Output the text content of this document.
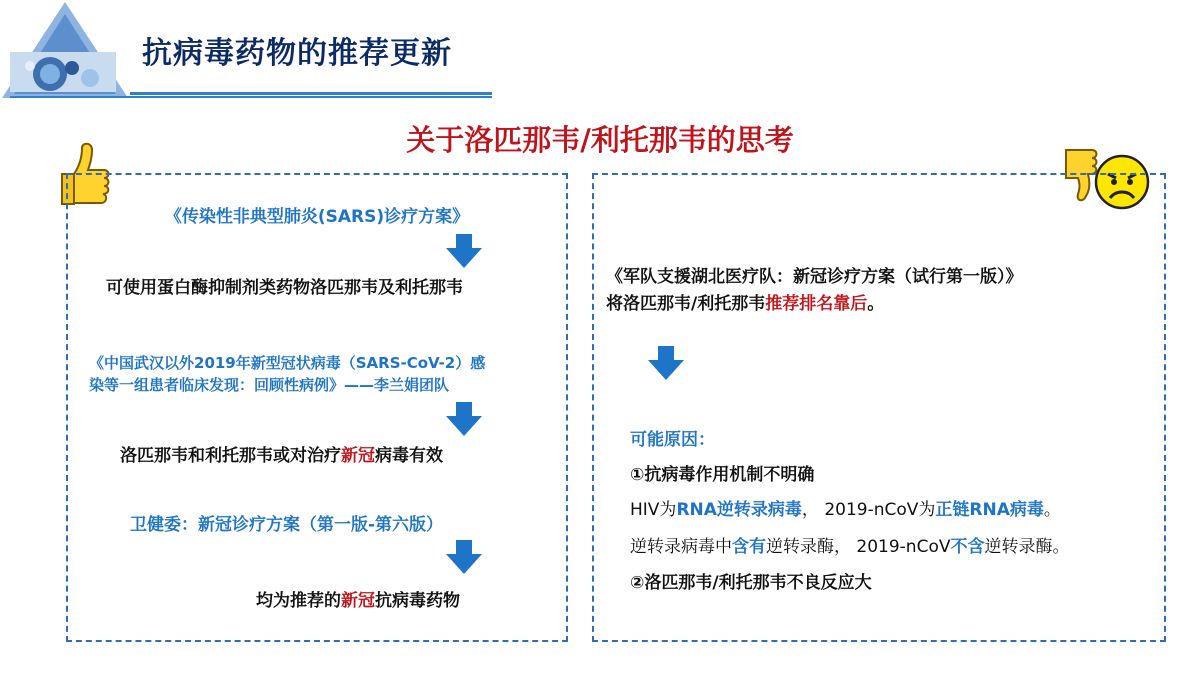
抗病毒药物的推荐更新
关于洛匹那韦/利托那韦的思考
《传染性非典型肺炎(SARS)诊疗方案》
可使用蛋白酶抑制剂类药物洛匹那韦及利托那韦
《中国武汉以外2019年新型冠状病毒（SARS-CoV-2）感
染等一组患者临床发现：回顾性病例》——李兰娟团队
洛匹那韦和利托那韦或对治疗新冠病毒有效
卫健委：新冠诊疗方案（第一版-第六版）
均为推荐的新冠抗病毒药物
《军队支援湖北医疗队：新冠诊疗方案（试行第一版）》
将洛匹那韦/利托那韦推荐排名靠后。
可能原因：
①抗病毒作用机制不明确
HIV为RNA逆转录病毒， 2019-nCoV为正链RNA病毒。
逆转录病毒中含有逆转录酶， 2019-nCoV不含逆转录酶。
②洛匹那韦/利托那韦不良反应大
